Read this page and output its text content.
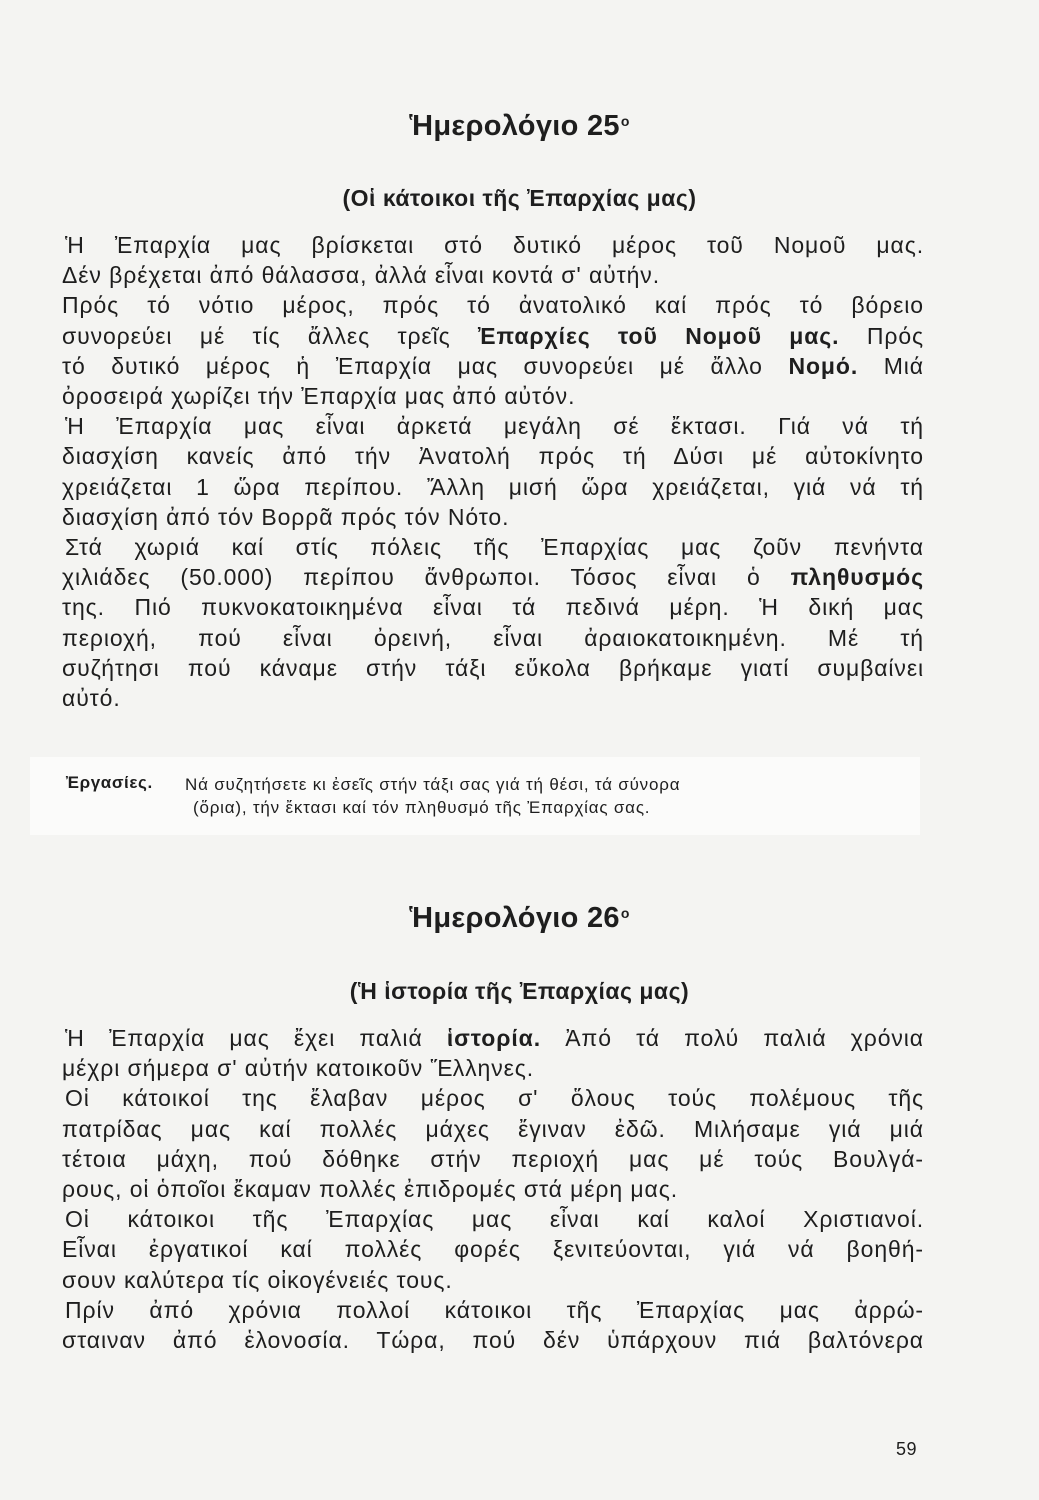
Ἡμερολόγιο $25^o$
(Οἱ κάτοικοι τῆς Ἐπαρχίας μας)
Ἡ Ἐπαρχία μας βρίσκεται στό δυτικό μέρος τοῦ Νομοῦ μας.
Δέν βρέχεται ἀπό θάλασσα, ἀλλά εἶναι κοντά σ' αὐτήν.
Πρός τό νότιο μέρος, πρός τό ἀνατολικό καί πρός τό βόρειο
συνορεύει μέ τίς ἄλλες τρεῖς Ἐπαρχίες τοῦ Νομοῦ μας. Πρός
τό δυτικό μέρος ἡ Ἐπαρχία μας συνορεύει μέ ἄλλο Νομό. Μιά
ὀροσειρά χωρίζει τήν Ἐπαρχία μας ἀπό αὐτόν.
Ἡ Ἐπαρχία μας εἶναι ἀρκετά μεγάλη σέ ἔκτασι. Γιά νά τή
διασχίση κανείς ἀπό τήν Ἀνατολή πρός τή Δύσι μέ αὐτοκίνητο
χρειάζεται 1 ὥρα περίπου. Ἄλλη μισή ὥρα χρειάζεται, γιά νά τή
διασχίση ἀπό τόν Βορρᾶ πρός τόν Νότο.
Στά χωριά καί στίς πόλεις τῆς Ἐπαρχίας μας ζοῦν πενήντα
χιλιάδες (50.000) περίπου ἄνθρωποι. Τόσος εἶναι ὁ πληθυσμός
της. Πιό πυκνοκατοικημένα εἶναι τά πεδινά μέρη. Ἡ δική μας
περιοχή, πού εἶναι ὀρεινή, εἶναι ἀραιοκατοικημένη. Μέ τή
συζήτησι πού κάναμε στήν τάξι εὔκολα βρήκαμε γιατί συμβαίνει
αὐτό.
Ἐργασίες. Νά συζητήσετε κι ἐσεῖς στήν τάξι σας γιά τή θέσι, τά σύνορα
(ὅρια), τήν ἔκτασι καί τόν πληθυσμό τῆς Ἐπαρχίας σας.
Ἡμερολόγιο $26^o$
(Ἡ ἱστορία τῆς Ἐπαρχίας μας)
Ἡ Ἐπαρχία μας ἔχει παλιά ἱστορία. Ἀπό τά πολύ παλιά χρόνια
μέχρι σήμερα σ' αὐτήν κατοικοῦν Ἕλληνες.
Οἱ κάτοικοί της ἔλαβαν μέρος σ' ὅλους τούς πολέμους τῆς
πατρίδας μας καί πολλές μάχες ἔγιναν ἐδῶ. Μιλήσαμε γιά μιά
τέτοια μάχη, πού δόθηκε στήν περιοχή μας μέ τούς Βουλγά-
ρους, οἱ ὁποῖοι ἔκαμαν πολλές ἐπιδρομές στά μέρη μας.
Οἱ κάτοικοι τῆς Ἐπαρχίας μας εἶναι καί καλοί Χριστιανοί.
Εἶναι ἐργατικοί καί πολλές φορές ξενιτεύονται, γιά νά βοηθή-
σουν καλύτερα τίς οἰκογένειές τους.
Πρίν ἀπό χρόνια πολλοί κάτοικοι τῆς Ἐπαρχίας μας ἀρρώ-
σταιναν ἀπό ἑλονοσία. Τώρα, πού δέν ὑπάρχουν πιά βαλτόνερα
59
